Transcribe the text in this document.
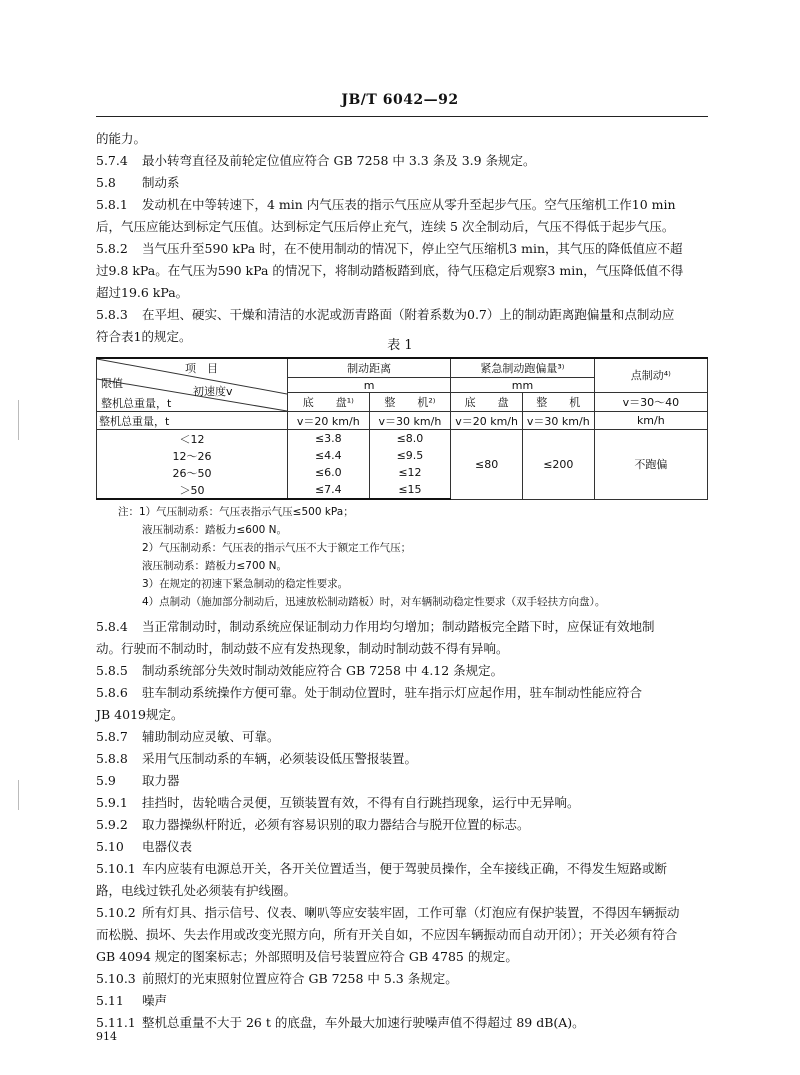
JB/T 6042—92

的能力。

5.7.4 最小转弯直径及前轮定位值应符合 GB 7258 中 3.3 条及 3.9 条规定。

5.8 制动系

5.8.1 发动机在中等转速下，4 min 内气压表的指示气压应从零升至起步气压。空气压缩机工作10 min

后，气压应能达到标定气压值。达到标定气压后停止充气，连续 5 次全制动后，气压不得低于起步气压。

5.8.2 当气压升至590 kPa 时，在不使用制动的情况下，停止空气压缩机3 min，其气压的降低值应不超

过9.8 kPa。在气压为590 kPa 的情况下，将制动踏板踏到底，待气压稳定后观察3 min，气压降低值不得

超过19.6 kPa。

5.8.3 在平坦、硬实、干燥和清洁的水泥或沥青路面（附着系数为0.7）上的制动距离跑偏量和点制动应

符合表1的规定。

表 1
项　目
限值
初速度v
整机总重量，t	制动距离		紧急制动跑偏量³⁾		点制动⁴⁾
	m		mm		
	底　　盘¹⁾	整　　机²⁾	底　　盘	整　　机	v＝30～40
整机总重量，t	v＝20 km/h	v＝30 km/h	v＝20 km/h	v＝30 km/h	km/h
＜12	≤3.8	≤8.0	≤80	≤200	不跑偏
12～26	≤4.4	≤9.5			
26～50	≤6.0	≤12			
＞50	≤7.4	≤15			

注：1）气压制动系：气压表指示气压≤500 kPa；

液压制动系：踏板力≤600 N。

2）气压制动系：气压表的指示气压不大于额定工作气压；

液压制动系：踏板力≤700 N。

3）在规定的初速下紧急制动的稳定性要求。

4）点制动（施加部分制动后，迅速放松制动踏板）时，对车辆制动稳定性要求（双手轻扶方向盘）。

5.8.4 当正常制动时，制动系统应保证制动力作用均匀增加；制动踏板完全踏下时，应保证有效地制

动。行驶而不制动时，制动鼓不应有发热现象，制动时制动鼓不得有异响。

5.8.5 制动系统部分失效时制动效能应符合 GB 7258 中 4.12 条规定。

5.8.6 驻车制动系统操作方便可靠。处于制动位置时，驻车指示灯应起作用，驻车制动性能应符合

JB 4019规定。

5.8.7 辅助制动应灵敏、可靠。

5.8.8 采用气压制动系的车辆，必须装设低压警报装置。

5.9 取力器

5.9.1 挂挡时，齿轮啮合灵便，互锁装置有效，不得有自行跳挡现象，运行中无异响。

5.9.2 取力器操纵杆附近，必须有容易识别的取力器结合与脱开位置的标志。

5.10 电器仪表

5.10.1 车内应装有电源总开关，各开关位置适当，便于驾驶员操作，全车接线正确，不得发生短路或断

路，电线过铁孔处必须装有护线圈。

5.10.2 所有灯具、指示信号、仪表、喇叭等应安装牢固，工作可靠（灯泡应有保护装置，不得因车辆振动

而松脱、损坏、失去作用或改变光照方向，所有开关自如，不应因车辆振动而自动开闭）；开关必须有符合

GB 4094 规定的图案标志；外部照明及信号装置应符合 GB 4785 的规定。

5.10.3 前照灯的光束照射位置应符合 GB 7258 中 5.3 条规定。

5.11 噪声

5.11.1 整机总重量不大于 26 t 的底盘，车外最大加速行驶噪声值不得超过 89 dB(A)。

914
